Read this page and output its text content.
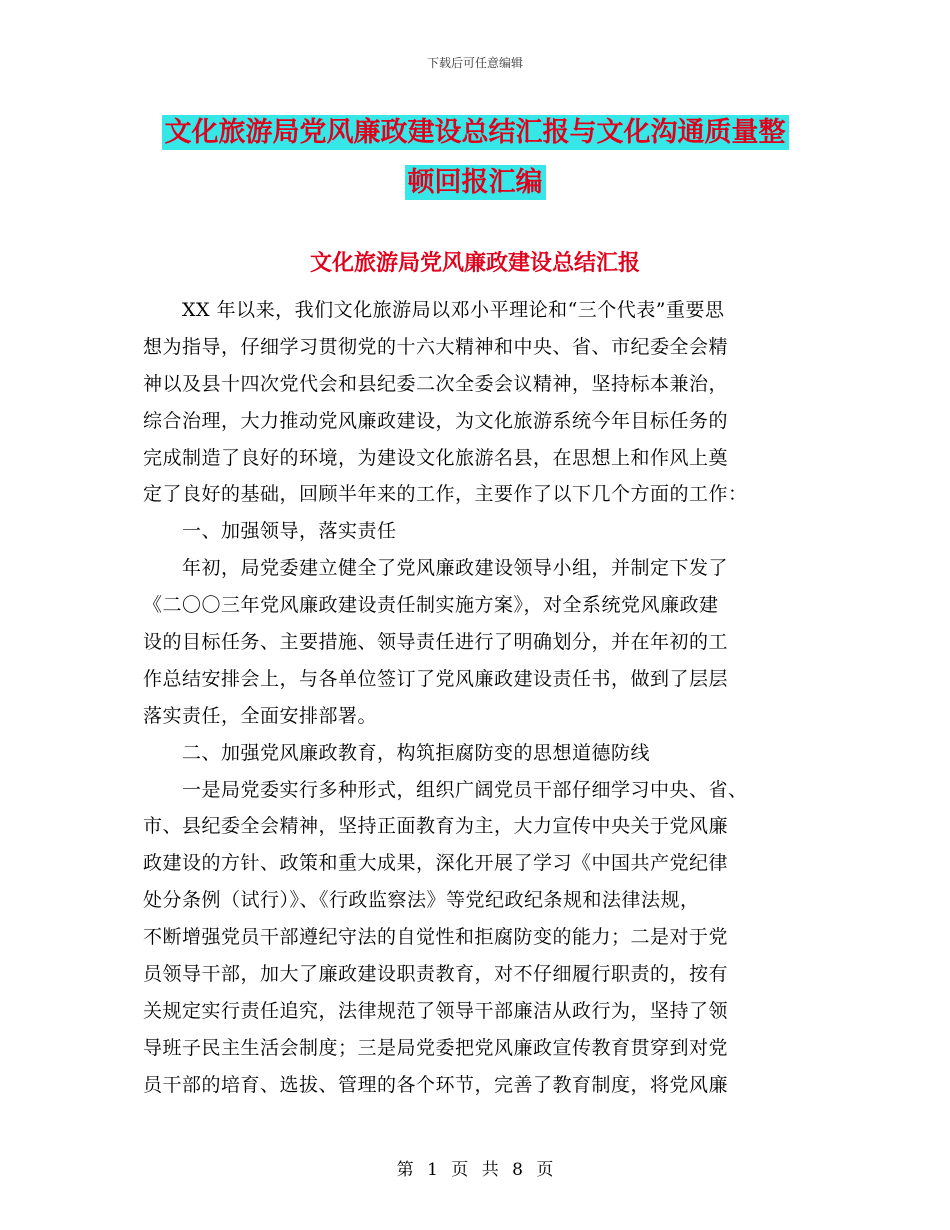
下载后可任意编辑
文化旅游局党风廉政建设总结汇报与文化沟通质量整
顿回报汇编
文化旅游局党风廉政建设总结汇报
　　XX 年以来，我们文化旅游局以邓小平理论和“三个代表”重要思
想为指导，仔细学习贯彻党的十六大精神和中央、省、市纪委全会精
神以及县十四次党代会和县纪委二次全委会议精神，坚持标本兼治，
综合治理，大力推动党风廉政建设，为文化旅游系统今年目标任务的
完成制造了良好的环境，为建设文化旅游名县，在思想上和作风上奠
定了良好的基础，回顾半年来的工作，主要作了以下几个方面的工作：
　　一、加强领导，落实责任
　　年初，局党委建立健全了党风廉政建设领导小组，并制定下发了
《二〇〇三年党风廉政建设责任制实施方案》，对全系统党风廉政建
设的目标任务、主要措施、领导责任进行了明确划分，并在年初的工
作总结安排会上，与各单位签订了党风廉政建设责任书，做到了层层
落实责任，全面安排部署。
　　二、加强党风廉政教育，构筑拒腐防变的思想道德防线
　　一是局党委实行多种形式，组织广阔党员干部仔细学习中央、省、
市、县纪委全会精神，坚持正面教育为主，大力宣传中央关于党风廉
政建设的方针、政策和重大成果，深化开展了学习《中国共产党纪律
处分条例（试行）》、《行政监察法》等党纪政纪条规和法律法规，
不断增强党员干部遵纪守法的自觉性和拒腐防变的能力；二是对于党
员领导干部，加大了廉政建设职责教育，对不仔细履行职责的，按有
关规定实行责任追究，法律规范了领导干部廉洁从政行为，坚持了领
导班子民主生活会制度；三是局党委把党风廉政宣传教育贯穿到对党
员干部的培育、选拔、管理的各个环节，完善了教育制度，将党风廉
第 1 页 共 8 页
